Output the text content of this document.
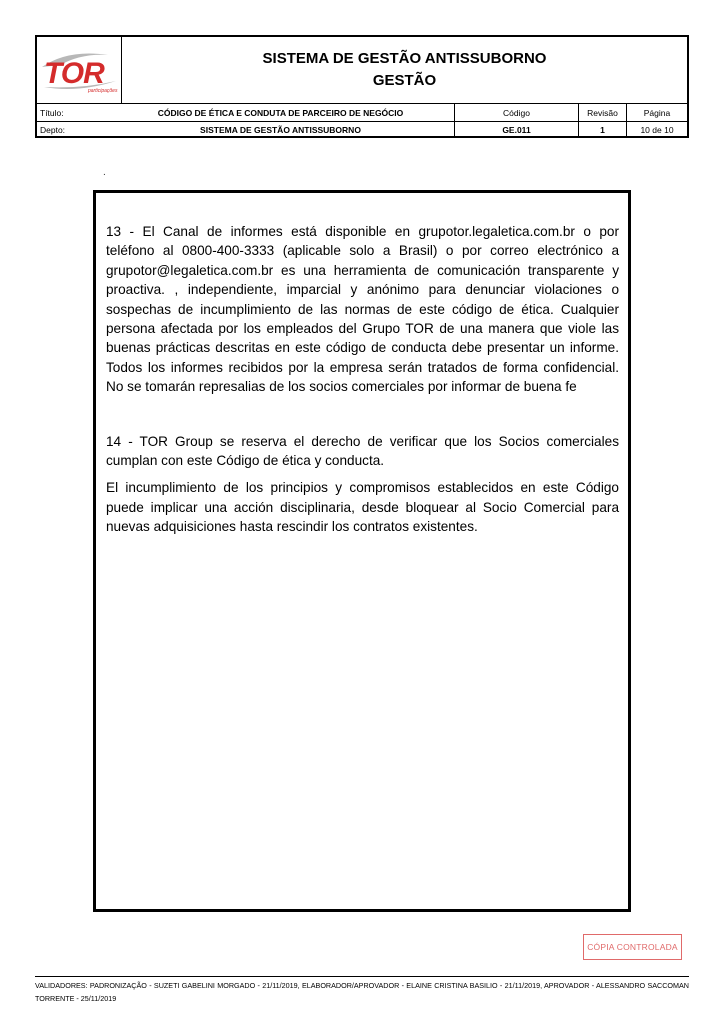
TOR
participações
SISTEMA DE GESTÃO ANTISSUBORNO
GESTÃO
Título:	CÓDIGO DE ÉTICA E CONDUTA DE PARCEIRO DE NEGÓCIO	Código	Revisão	Página
Depto:	SISTEMA DE GESTÃO ANTISSUBORNO	GE.011	1	10 de 10
.

13 - El Canal de informes está disponible en grupotor.legaletica.com.br o por teléfono al 0800-400-3333 (aplicable solo a Brasil) o por correo electrónico a grupotor@legaletica.com.br es una herramienta de comunicación transparente y proactiva. , independiente, imparcial y anónimo para denunciar violaciones o sospechas de incumplimiento de las normas de este código de ética. Cualquier persona afectada por los empleados del Grupo TOR de una manera que viole las buenas prácticas descritas en este código de conducta debe presentar un informe. Todos los informes recibidos por la empresa serán tratados de forma confidencial. No se tomarán represalias de los socios comerciales por informar de buena fe

14 - TOR Group se reserva el derecho de verificar que los Socios comerciales cumplan con este Código de ética y conducta.

El incumplimiento de los principios y compromisos establecidos en este Código puede implicar una acción disciplinaria, desde bloquear al Socio Comercial para nuevas adquisiciones hasta rescindir los contratos existentes.

CÓPIA CONTROLADA
VALIDADORES: PADRONIZAÇÃO - SUZETI GABELINI MORGADO - 21/11/2019, ELABORADOR/APROVADOR - ELAINE CRISTINA BASILIO - 21/11/2019, APROVADOR - ALESSANDRO SACCOMAN TORRENTE - 25/11/2019
